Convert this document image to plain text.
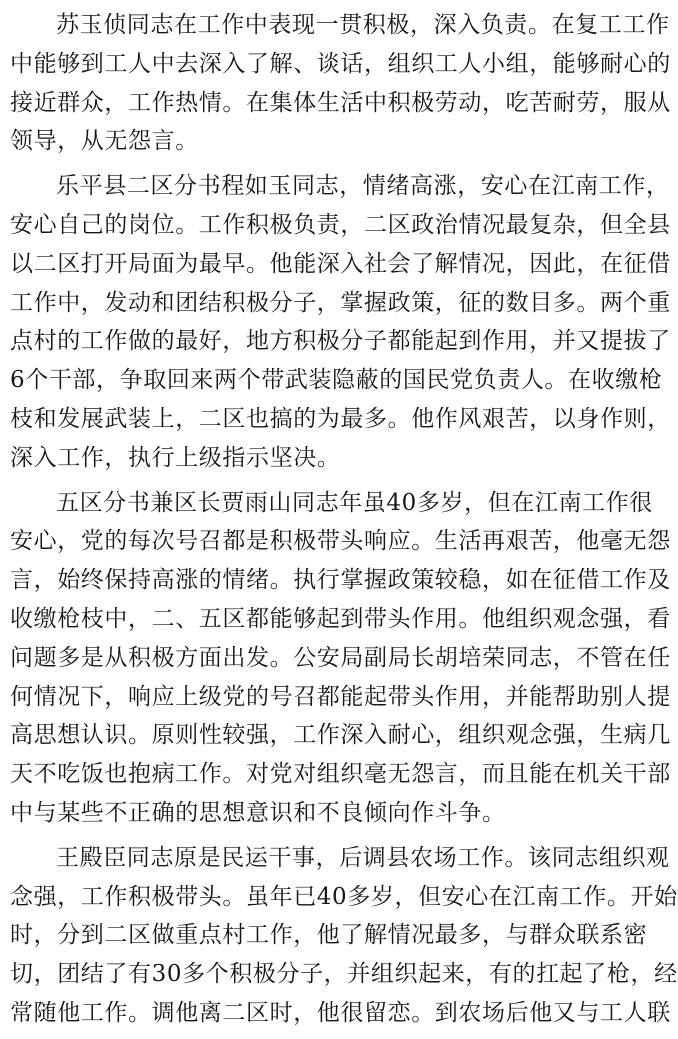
苏玉侦同志在工作中表现一贯积极，深入负责。在复工工作
中能够到工人中去深入了解、谈话，组织工人小组，能够耐心的
接近群众，工作热情。在集体生活中积极劳动，吃苦耐劳，服从
领导，从无怨言。
乐平县二区分书程如玉同志，情绪高涨，安心在江南工作，
安心自己的岗位。工作积极负责，二区政治情况最复杂，但全县
以二区打开局面为最早。他能深入社会了解情况，因此，在征借
工作中，发动和团结积极分子，掌握政策，征的数目多。两个重
点村的工作做的最好，地方积极分子都能起到作用，并又提拔了
6个干部，争取回来两个带武装隐蔽的国民党负责人。在收缴枪
枝和发展武装上，二区也搞的为最多。他作风艰苦，以身作则，
深入工作，执行上级指示坚决。
五区分书兼区长贾雨山同志年虽40多岁，但在江南工作很
安心，党的每次号召都是积极带头响应。生活再艰苦，他毫无怨
言，始终保持高涨的情绪。执行掌握政策较稳，如在征借工作及
收缴枪枝中，二、五区都能够起到带头作用。他组织观念强，看
问题多是从积极方面出发。公安局副局长胡培荣同志，不管在任
何情况下，响应上级党的号召都能起带头作用，并能帮助别人提
高思想认识。原则性较强，工作深入耐心，组织观念强，生病几
天不吃饭也抱病工作。对党对组织毫无怨言，而且能在机关干部
中与某些不正确的思想意识和不良倾向作斗争。
王殿臣同志原是民运干事，后调县农场工作。该同志组织观
念强，工作积极带头。虽年已40多岁，但安心在江南工作。开始
时，分到二区做重点村工作，他了解情况最多，与群众联系密
切，团结了有30多个积极分子，并组织起来，有的扛起了枪，经
常随他工作。调他离二区时，他很留恋。到农场后他又与工人联
